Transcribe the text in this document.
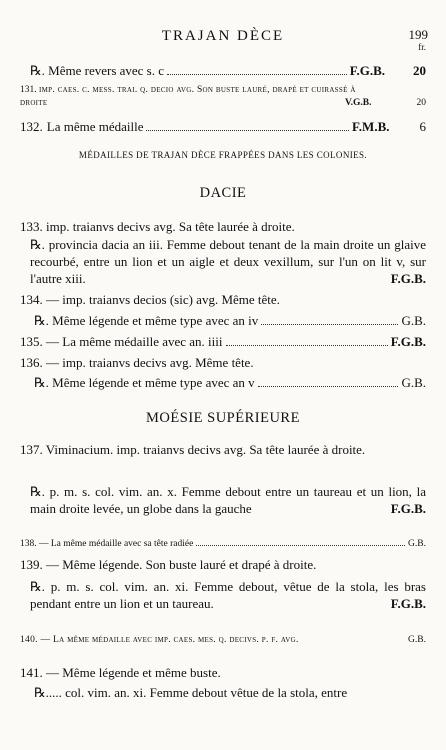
TRAJAN DÈCE	199
fr.
℞. Même revers avec s. c	F.G.B. 20
131. imp. caes. c. mess. trai. q. decio avg. Son buste lauré, drapé et cuirassé à droite	V.G.B.	20
132. La même médaille	F.M.B. 6
MÉDAILLES DE TRAJAN DÈCE FRAPPÉES DANS LES COLONIES.
DACIE
133. imp. traianvs decivs avg. Sa tête laurée à droite.
℞. provincia dacia an iii. Femme debout tenant de la main droite un glaive recourbé, entre un lion et un aigle et deux vexillum, sur l'un on lit v, sur l'autre xiii.	F.G.B.
134. — imp. traianvs decios (sic) avg. Même tête.
℞. Même légende et même type avec an iv	G.B.
135. — La même médaille avec an. iiii	F.G.B.
136. — imp. traianvs decivs avg. Même tête.
℞. Même légende et même type avec an v	G.B.
MOÉSIE SUPÉRIEURE
137. Viminacium. imp. traianvs decivs avg. Sa tête laurée à droite.
℞. p. m. s. col. vim. an. x. Femme debout entre un taureau et un lion, la main droite levée, un globe dans la gauche	F.G.B.
138. — La même médaille avec sa tête radiée	G.B.
139. — Même légende. Son buste lauré et drapé à droite.
℞. p. m. s. col. vim. an. xi. Femme debout, vêtue de la stola, les bras pendant entre un lion et un taureau.	F.G.B.
140. — La même médaille avec imp. caes. mes. q. decivs. p. f. avg.	G.B.
141. — Même légende et même buste.
℞..... col. vim. an. xi. Femme debout vêtue de la stola, entre
